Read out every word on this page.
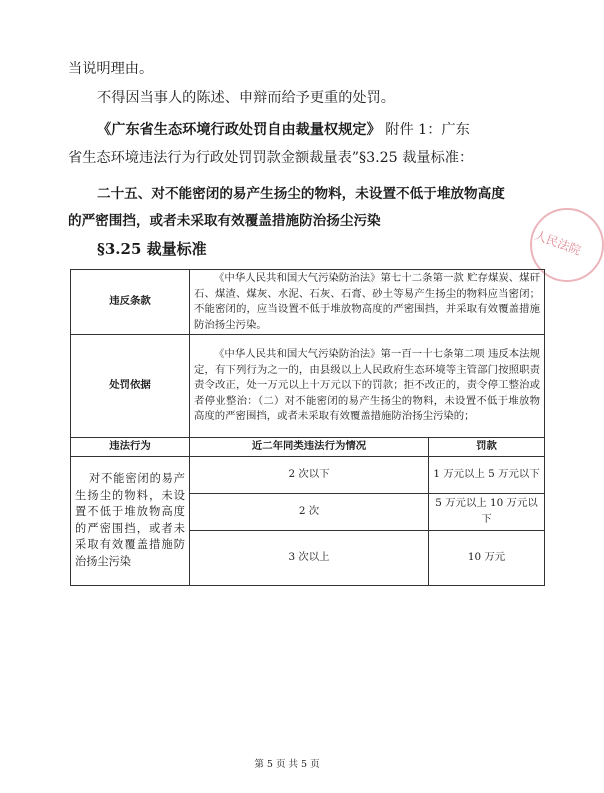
当说明理由。
不得因当事人的陈述、申辩而给予更重的处罚。
《广东省生态环境行政处罚自由裁量权规定》 附件 1：广东
省生态环境违法行为行政处罚罚款金额裁量表”§3.25 裁量标准：
二十五、对不能密闭的易产生扬尘的物料，未设置不低于堆放物高度
的严密围挡，或者未采取有效覆盖措施防治扬尘污染
§3.25 裁量标准	人民法院
违反条款	《中华人民共和国大气污染防治法》第七十二条第一款 贮存煤炭、煤矸石、煤渣、煤灰、水泥、石灰、石膏、砂土等易产生扬尘的物料应当密闭；不能密闭的，应当设置不低于堆放物高度的严密围挡，并采取有效覆盖措施防治扬尘污染。	
处罚依据	《中华人民共和国大气污染防治法》第一百一十七条第二项 违反本法规定，有下列行为之一的，由县级以上人民政府生态环境等主管部门按照职责责令改正，处一万元以上十万元以下的罚款；拒不改正的，责令停工整治或者停业整治：（二）对不能密闭的易产生扬尘的物料，未设置不低于堆放物高度的严密围挡，或者未采取有效覆盖措施防治扬尘污染的；	
违法行为	近二年同类违法行为情况	罚款
对不能密闭的易产生扬尘的物料，未设置不低于堆放物高度的严密围挡，或者未采取有效覆盖措施防治扬尘污染	2 次以下	1 万元以上 5 万元以下
	2 次	5 万元以上 10 万元以下
	3 次以上	10 万元
第 5 页 共 5 页
